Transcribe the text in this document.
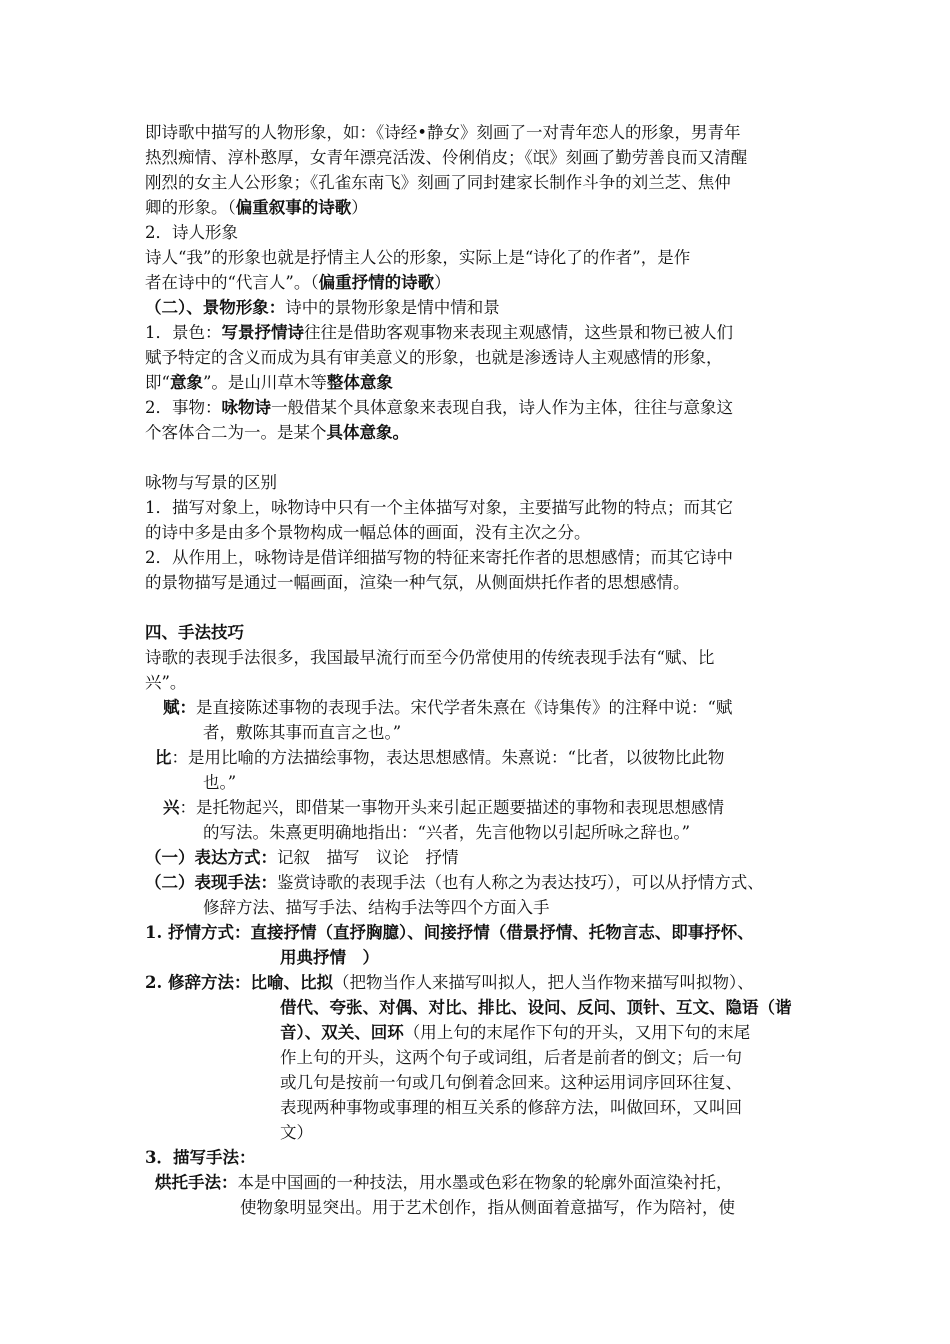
即诗歌中描写的人物形象，如：《诗经•静女》刻画了一对青年恋人的形象，男青年
热烈痴情、淳朴憨厚，女青年漂亮活泼、伶俐俏皮；《氓》刻画了勤劳善良而又清醒
刚烈的女主人公形象；《孔雀东南飞》刻画了同封建家长制作斗争的刘兰芝、焦仲
卿的形象。（偏重叙事的诗歌）
2．诗人形象
诗人“我”的形象也就是抒情主人公的形象，实际上是“诗化了的作者”，是作
者在诗中的“代言人”。（偏重抒情的诗歌）
（二）、景物形象：诗中的景物形象是情中情和景
1．景色：写景抒情诗往往是借助客观事物来表现主观感情，这些景和物已被人们
赋予特定的含义而成为具有审美意义的形象，也就是渗透诗人主观感情的形象，
即“意象”。是山川草木等整体意象
2．事物：咏物诗一般借某个具体意象来表现自我，诗人作为主体，往往与意象这
个客体合二为一。是某个具体意象。
咏物与写景的区别
1．描写对象上，咏物诗中只有一个主体描写对象，主要描写此物的特点；而其它
的诗中多是由多个景物构成一幅总体的画面，没有主次之分。
2．从作用上，咏物诗是借详细描写物的特征来寄托作者的思想感情；而其它诗中
的景物描写是通过一幅画面，渲染一种气氛，从侧面烘托作者的思想感情。
四、手法技巧
诗歌的表现手法很多，我国最早流行而至今仍常使用的传统表现手法有“赋、比
兴”。
赋：是直接陈述事物的表现手法。宋代学者朱熹在《诗集传》的注释中说：“赋
者，敷陈其事而直言之也。”
比：是用比喻的方法描绘事物，表达思想感情。朱熹说：“比者，以彼物比此物
也。”
兴：是托物起兴，即借某一事物开头来引起正题要描述的事物和表现思想感情
的写法。朱熹更明确地指出：“兴者，先言他物以引起所咏之辞也。”
（一）表达方式：记叙　描写　议论　抒情
（二）表现手法：鉴赏诗歌的表现手法（也有人称之为表达技巧），可以从抒情方式、
修辞方法、描写手法、结构手法等四个方面入手
1. 抒情方式：直接抒情（直抒胸臆）、间接抒情（借景抒情、托物言志、即事抒怀、
用典抒情　）
2. 修辞方法：比喻、比拟（把物当作人来描写叫拟人，把人当作物来描写叫拟物）、
借代、夸张、对偶、对比、排比、设问、反问、顶针、互文、隐语（谐
音）、双关、回环（用上句的末尾作下句的开头，又用下句的末尾
作上句的开头，这两个句子或词组，后者是前者的倒文；后一句
或几句是按前一句或几句倒着念回来。这种运用词序回环往复、
表现两种事物或事理的相互关系的修辞方法，叫做回环，又叫回
文）
3．描写手法：
烘托手法：本是中国画的一种技法，用水墨或色彩在物象的轮廓外面渲染衬托，
使物象明显突出。用于艺术创作，指从侧面着意描写，作为陪衬，使
